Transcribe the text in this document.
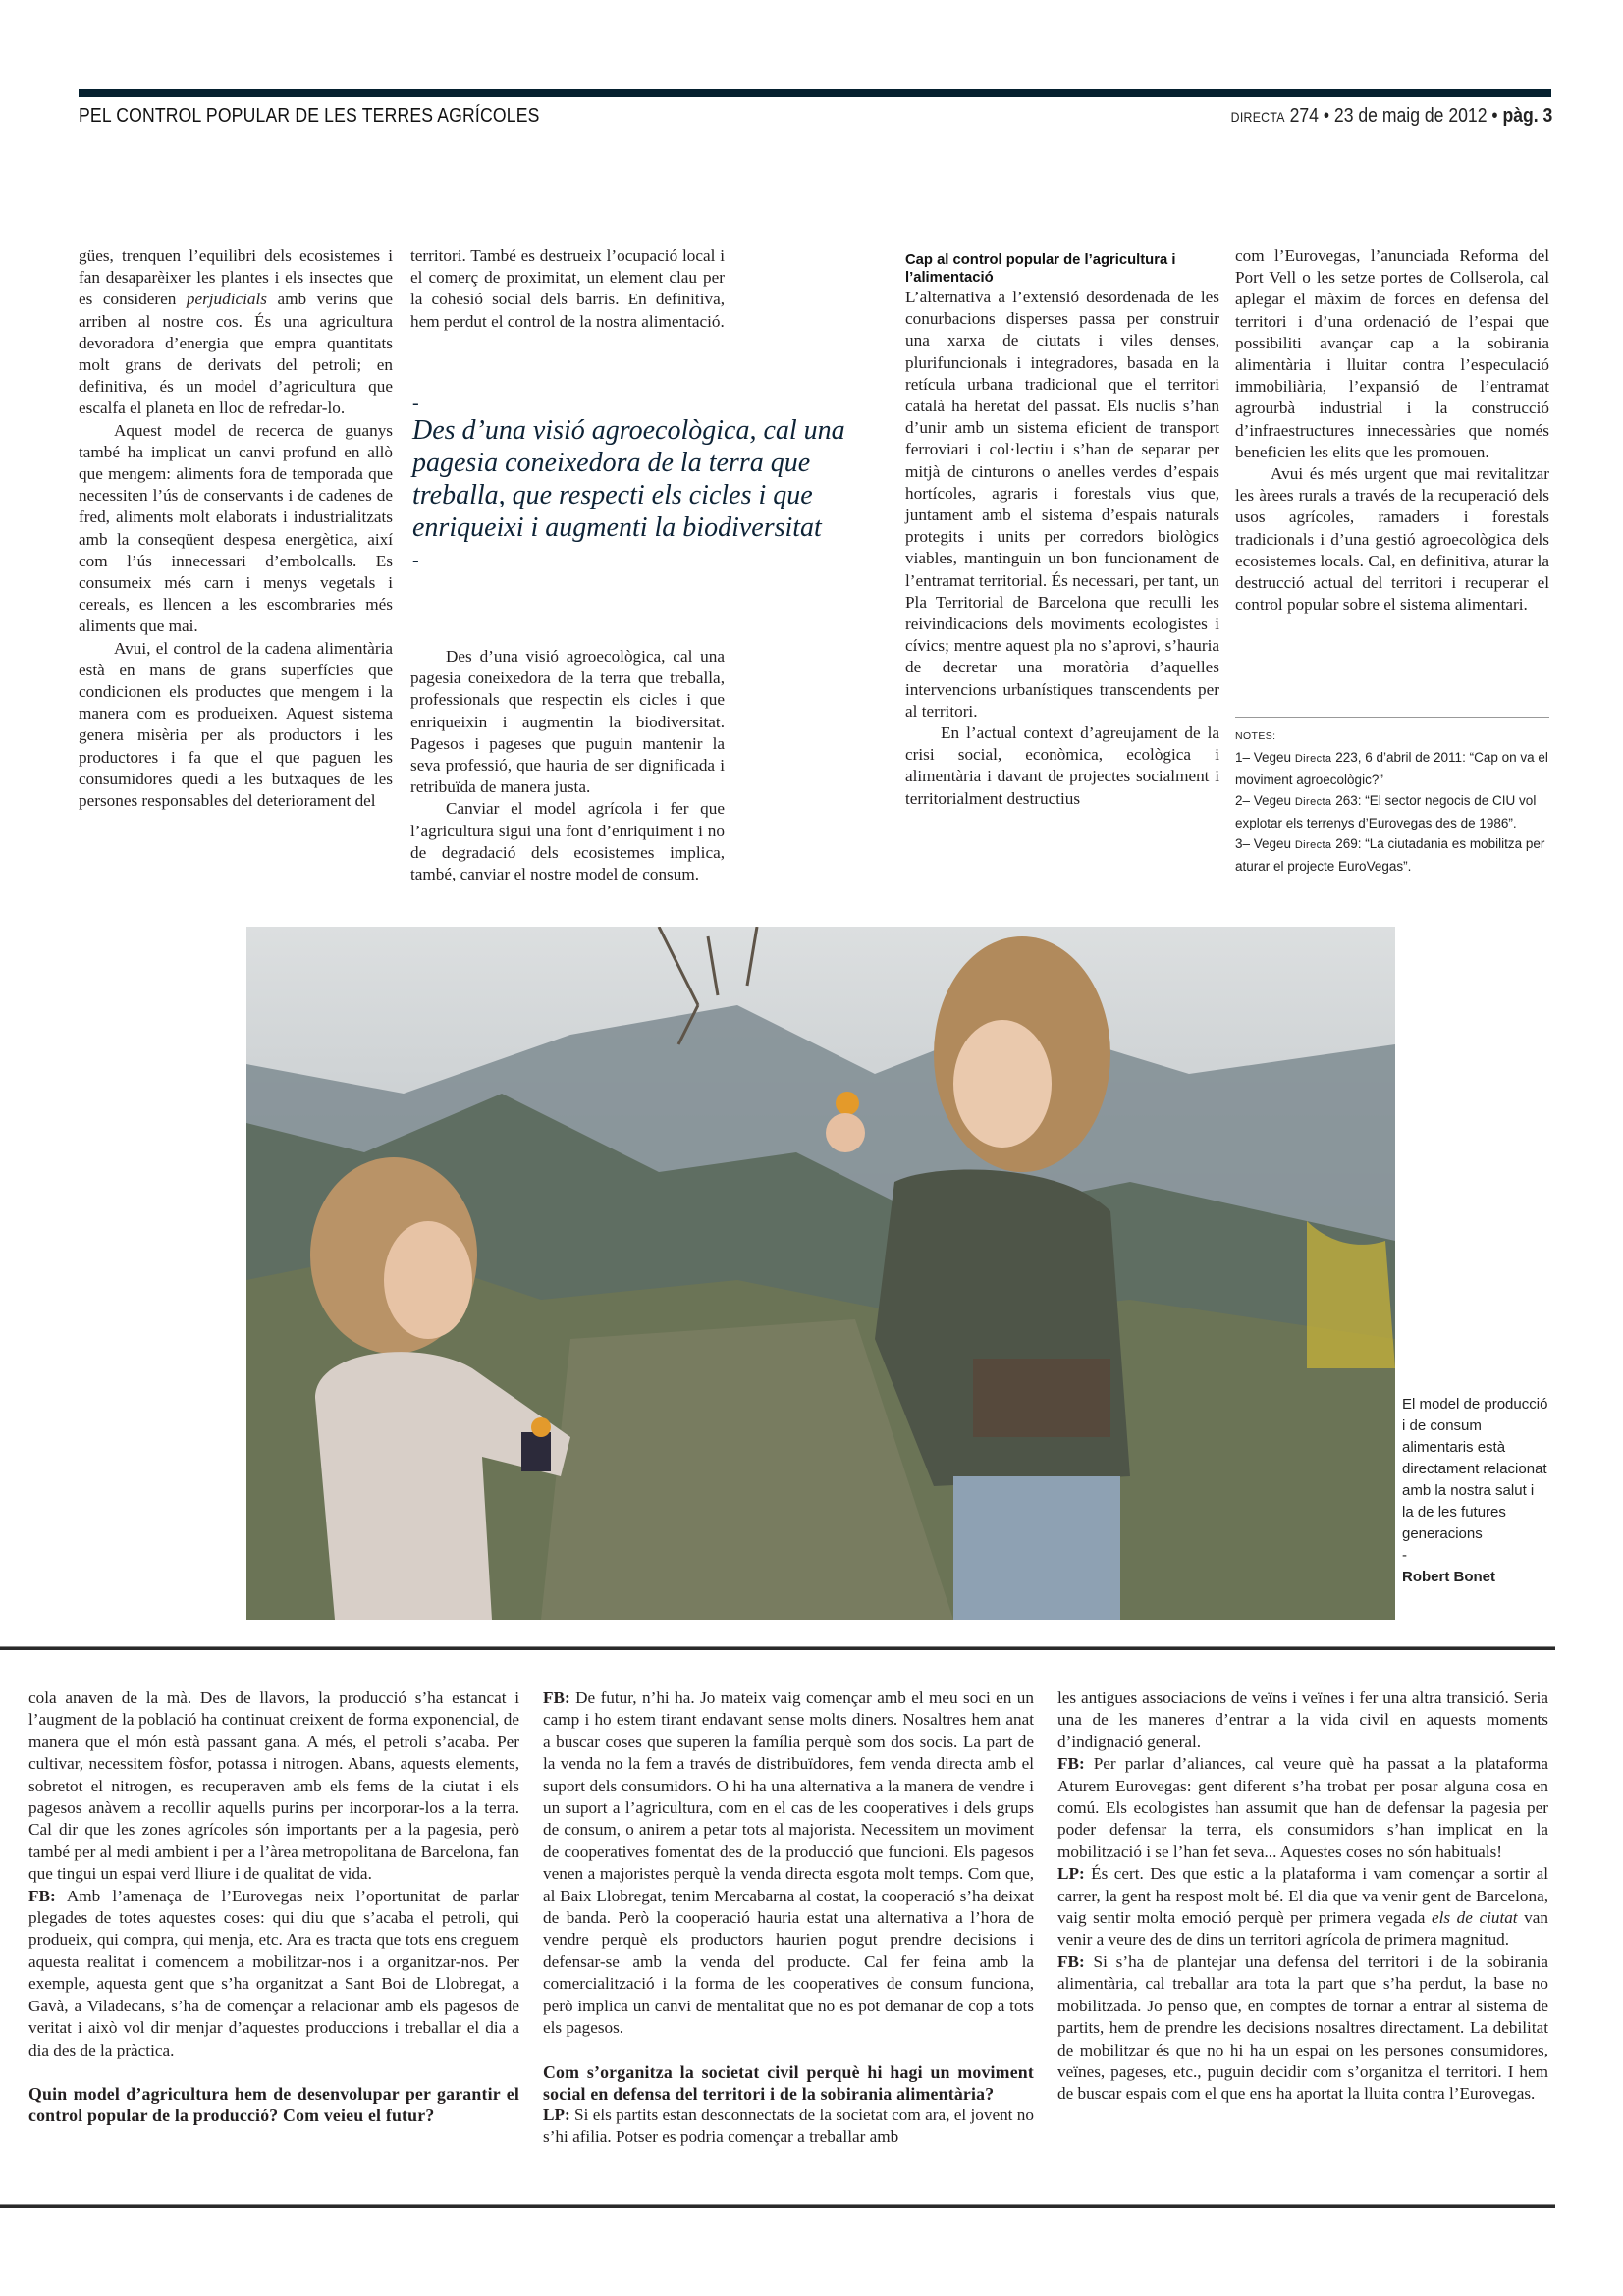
PEL CONTROL POPULAR DE LES TERRES AGRÍCOLES	DIRECTA 274 • 23 de maig de 2012 • pàg. 3

gües, trenquen l’equilibri dels ecosistemes i fan desaparèixer les plantes i els insectes que es consideren perjudicials amb verins que arriben al nostre cos. És una agricultura devoradora d’energia que empra quantitats molt grans de derivats del petroli; en definitiva, és un model d’agricultura que escalfa el planeta en lloc de refredar-lo.

Aquest model de recerca de guanys també ha implicat un canvi profund en allò que mengem: aliments fora de temporada que necessiten l’ús de conservants i de cadenes de fred, aliments molt elaborats i industrialitzats amb la conseqüent despesa energètica, així com l’ús innecessari d’embolcalls. Es consumeix més carn i menys vegetals i cereals, es llencen a les escombraries més aliments que mai.

Avui, el control de la cadena alimentària està en mans de grans superfícies que condicionen els productes que mengem i la manera com es produeixen. Aquest sistema genera misèria per als productors i les productores i fa que el que paguen les consumidores quedi a les butxaques de les persones responsables del deteriorament del

territori. També es destrueix l’ocupació local i el comerç de proximitat, un element clau per la cohesió social dels barris. En definitiva, hem perdut el control de la nostra alimentació.

-
Des d’una visió agroecològica, cal una pagesia coneixedora de la terra que treballa, que respecti els cicles i que enriqueixi i augmenti la biodiversitat
-

Des d’una visió agroecològica, cal una pagesia coneixedora de la terra que treballa, professionals que respectin els cicles i que enriqueixin i augmentin la biodiversitat. Pagesos i pageses que puguin mantenir la seva professió, que hauria de ser dignificada i retribuïda de manera justa.

Canviar el model agrícola i fer que l’agricultura sigui una font d’enriquiment i no de degradació dels ecosistemes implica, també, canviar el nostre model de consum.

Cap al control popular de l’agricultura i l’alimentació

L’alternativa a l’extensió desordenada de les conurbacions disperses passa per construir una xarxa de ciutats i viles denses, plurifuncionals i integradores, basada en la retícula urbana tradicional que el territori català ha heretat del passat. Els nuclis s’han d’unir amb un sistema eficient de transport ferroviari i col·lectiu i s’han de separar per mitjà de cinturons o anelles verdes d’espais hortícoles, agraris i forestals vius que, juntament amb el sistema d’espais naturals protegits i units per corredors biològics viables, mantinguin un bon funcionament de l’entramat territorial. És necessari, per tant, un Pla Territorial de Barcelona que reculli les reivindicacions dels moviments ecologistes i cívics; mentre aquest pla no s’aprovi, s’hauria de decretar una moratòria d’aquelles intervencions urbanístiques transcendents per al territori.

En l’actual context d’agreujament de la crisi social, econòmica, ecològica i alimentària i davant de projectes socialment i territorialment destructius

com l’Eurovegas, l’anunciada Reforma del Port Vell o les setze portes de Collserola, cal aplegar el màxim de forces en defensa del territori i d’una ordenació de l’espai que possibiliti avançar cap a la sobirania alimentària i lluitar contra l’especulació immobiliària, l’expansió de l’entramat agrourbà industrial i la construcció d’infraestructures innecessàries que només beneficien les elits que les promouen.

Avui és més urgent que mai revitalitzar les àrees rurals a través de la recuperació dels usos agrícoles, ramaders i forestals tradicionals i d’una gestió agroecològica dels ecosistemes locals. Cal, en definitiva, aturar la destrucció actual del territori i recuperar el control popular sobre el sistema alimentari.

NOTES:
1– Vegeu Directa 223, 6 d’abril de 2011: “Cap on va el moviment agroecològic?”
2– Vegeu Directa 263: “El sector negocis de CIU vol explotar els terrenys d’Eurovegas des de 1986”.
3– Vegeu Directa 269: “La ciutadania es mobilitza per aturar el projecte EuroVegas”.
El model de producció i de consum alimentaris està directament relacionat amb la nostra salut i la de les futures generacions
-
Robert Bonet

cola anaven de la mà. Des de llavors, la producció s’ha estancat i l’augment de la població ha continuat creixent de forma exponencial, de manera que el món està passant gana. A més, el petroli s’acaba. Per cultivar, necessitem fòsfor, potassa i nitrogen. Abans, aquests elements, sobretot el nitrogen, es recuperaven amb els fems de la ciutat i els pagesos anàvem a recollir aquells purins per incorporar-los a la terra. Cal dir que les zones agrícoles són importants per a la pagesia, però també per al medi ambient i per a l’àrea metropolitana de Barcelona, fan que tingui un espai verd lliure i de qualitat de vida.

FB: Amb l’amenaça de l’Eurovegas neix l’oportunitat de parlar plegades de totes aquestes coses: qui diu que s’acaba el petroli, qui produeix, qui compra, qui menja, etc. Ara es tracta que tots ens creguem aquesta realitat i comencem a mobilitzar-nos i a organitzar-nos. Per exemple, aquesta gent que s’ha organitzat a Sant Boi de Llobregat, a Gavà, a Viladecans, s’ha de començar a relacionar amb els pagesos de veritat i això vol dir menjar d’aquestes produccions i treballar el dia a dia des de la pràctica.

Quin model d’agricultura hem de desenvolupar per garantir el control popular de la producció? Com veieu el futur?

FB: De futur, n’hi ha. Jo mateix vaig començar amb el meu soci en un camp i ho estem tirant endavant sense molts diners. Nosaltres hem anat a buscar coses que superen la família perquè som dos socis. La part de la venda no la fem a través de distribuïdores, fem venda directa amb el suport dels consumidors. O hi ha una alternativa a la manera de vendre i un suport a l’agricultura, com en el cas de les cooperatives i dels grups de consum, o anirem a petar tots al majorista. Necessitem un moviment de cooperatives fomentat des de la producció que funcioni. Els pagesos venen a majoristes perquè la venda directa esgota molt temps. Com que, al Baix Llobregat, tenim Mercabarna al costat, la cooperació s’ha deixat de banda. Però la cooperació hauria estat una alternativa a l’hora de vendre perquè els productors haurien pogut prendre decisions i defensar-se amb la venda del producte. Cal fer feina amb la comercialització i la forma de les cooperatives de consum funciona, però implica un canvi de mentalitat que no es pot demanar de cop a tots els pagesos.

Com s’organitza la societat civil perquè hi hagi un moviment social en defensa del territori i de la sobirania alimentària?

LP: Si els partits estan desconnectats de la societat com ara, el jovent no s’hi afilia. Potser es podria començar a treballar amb

les antigues associacions de veïns i veïnes i fer una altra transició. Seria una de les maneres d’entrar a la vida civil en aquests moments d’indignació general.

FB: Per parlar d’aliances, cal veure què ha passat a la plataforma Aturem Eurovegas: gent diferent s’ha trobat per posar alguna cosa en comú. Els ecologistes han assumit que han de defensar la pagesia per poder defensar la terra, els consumidors s’han implicat en la mobilització i se l’han fet seva... Aquestes coses no són habituals!

LP: És cert. Des que estic a la plataforma i vam començar a sortir al carrer, la gent ha respost molt bé. El dia que va venir gent de Barcelona, vaig sentir molta emoció perquè per primera vegada els de ciutat van venir a veure des de dins un territori agrícola de primera magnitud.

FB: Si s’ha de plantejar una defensa del territori i de la sobirania alimentària, cal treballar ara tota la part que s’ha perdut, la base no mobilitzada. Jo penso que, en comptes de tornar a entrar al sistema de partits, hem de prendre les decisions nosaltres directament. La debilitat de mobilitzar és que no hi ha un espai on les persones consumidores, veïnes, pageses, etc., puguin decidir com s’organitza el territori. I hem de buscar espais com el que ens ha aportat la lluita contra l’Eurovegas.
